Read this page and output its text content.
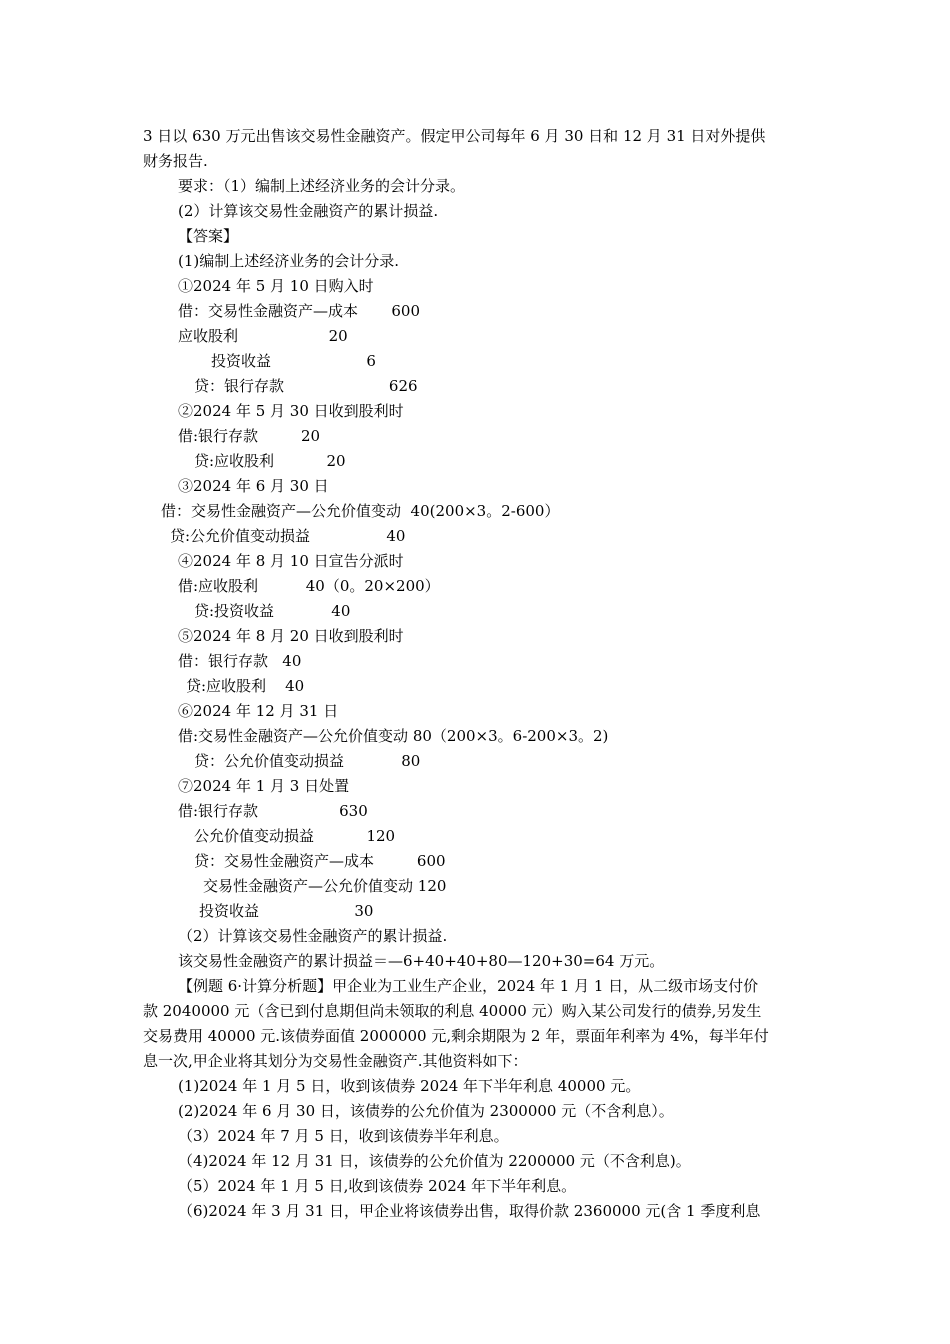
3 日以 630 万元出售该交易性金融资产。假定甲公司每年 6 月 30 日和 12 月 31 日对外提供
财务报告.
要求：（1）编制上述经济业务的会计分录。
(2）计算该交易性金融资产的累计损益.
【答案】
(1)编制上述经济业务的会计分录.
①2024 年 5 月 10 日购入时
借：交易性金融资产—成本       600
应收股利                   20
投资收益                    6
贷：银行存款                      626
②2024 年 5 月 30 日收到股利时
借:银行存款         20
贷:应收股利           20
③2024 年 6 月 30 日
借：交易性金融资产—公允价值变动  40(200×3。2-600）
贷:公允价值变动损益                40
④2024 年 8 月 10 日宣告分派时
借:应收股利          40（0。20×200）
贷:投资收益            40
⑤2024 年 8 月 20 日收到股利时
借：银行存款   40
贷:应收股利    40
⑥2024 年 12 月 31 日
借:交易性金融资产—公允价值变动 80（200×3。6-200×3。2)
贷：公允价值变动损益            80
⑦2024 年 1 月 3 日处置
借:银行存款                 630
公允价值变动损益           120
贷：交易性金融资产—成本         600
交易性金融资产—公允价值变动 120
投资收益                    30
（2）计算该交易性金融资产的累计损益.
该交易性金融资产的累计损益＝—6+40+40+80—120+30=64 万元。
【例题 6·计算分析题】甲企业为工业生产企业，2024 年 1 月 1 日，从二级市场支付价
款 2040000 元（含已到付息期但尚未领取的利息 40000 元）购入某公司发行的债券,另发生
交易费用 40000 元.该债券面值 2000000 元,剩余期限为 2 年，票面年利率为 4%，每半年付
息一次,甲企业将其划分为交易性金融资产.其他资料如下：
(1)2024 年 1 月 5 日，收到该债券 2024 年下半年利息 40000 元。
(2)2024 年 6 月 30 日，该债券的公允价值为 2300000 元（不含利息）。
（3）2024 年 7 月 5 日，收到该债券半年利息。
（4)2024 年 12 月 31 日，该债券的公允价值为 2200000 元（不含利息)。
（5）2024 年 1 月 5 日,收到该债券 2024 年下半年利息。
（6)2024 年 3 月 31 日，甲企业将该债券出售，取得价款 2360000 元(含 1 季度利息
